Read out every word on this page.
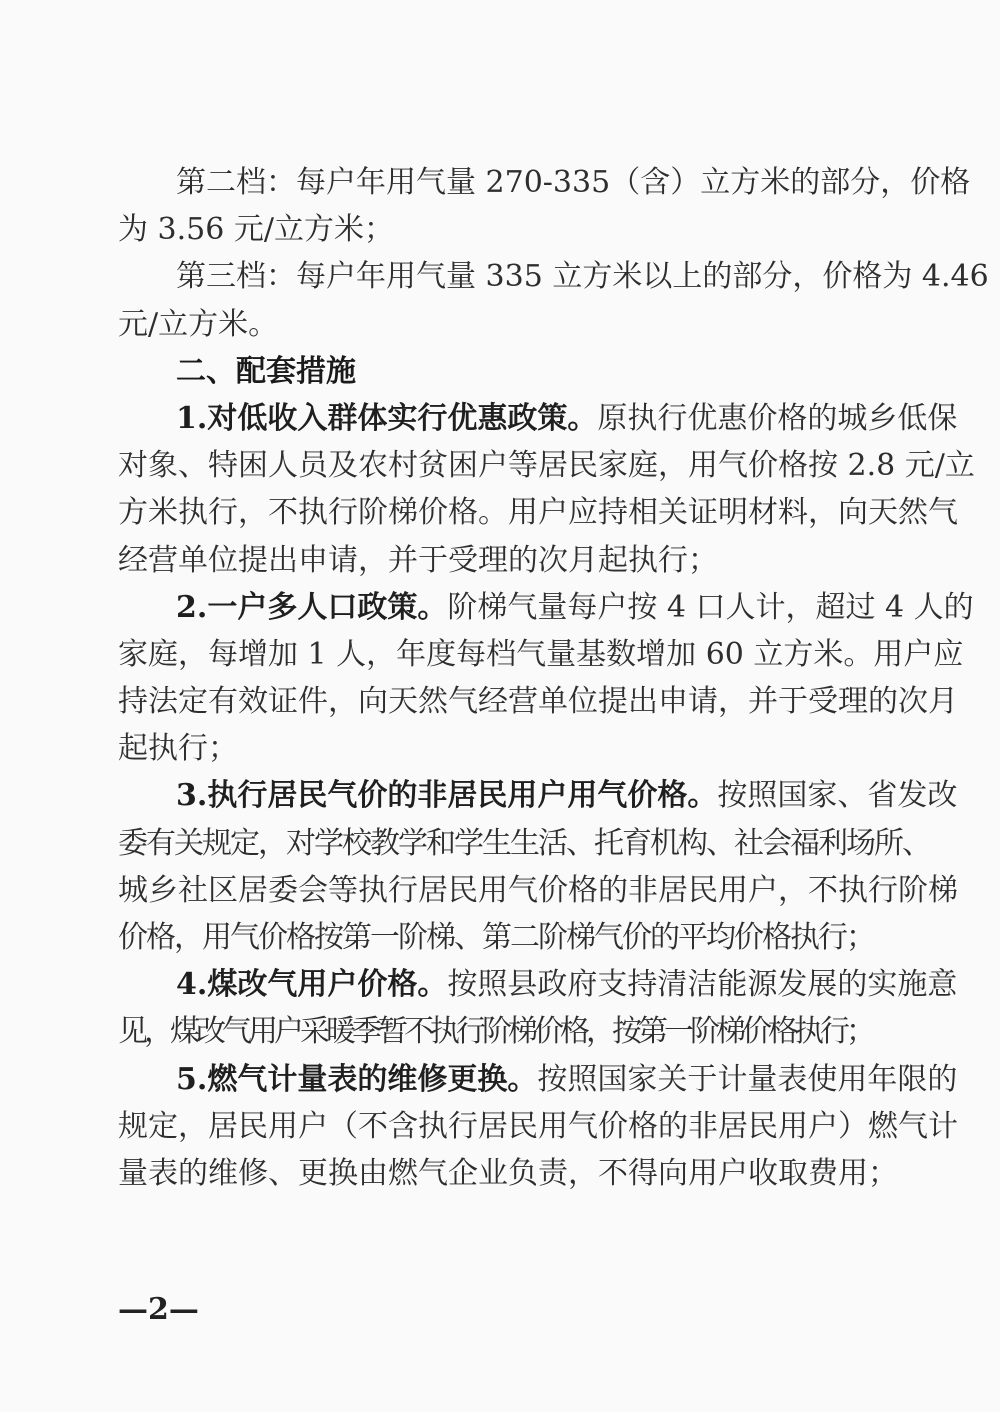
第二档：每户年用气量 270-335（含）立方米的部分，价格
为 3.56 元/立方米；
第三档：每户年用气量 335 立方米以上的部分，价格为 4.46
元/立方米。
二、配套措施
1.对低收入群体实行优惠政策。原执行优惠价格的城乡低保
对象、特困人员及农村贫困户等居民家庭，用气价格按 2.8 元/立
方米执行，不执行阶梯价格。用户应持相关证明材料，向天然气
经营单位提出申请，并于受理的次月起执行；
2.一户多人口政策。阶梯气量每户按 4 口人计，超过 4 人的
家庭，每增加 1 人，年度每档气量基数增加 60 立方米。用户应
持法定有效证件，向天然气经营单位提出申请，并于受理的次月
起执行；
3.执行居民气价的非居民用户用气价格。按照国家、省发改
委有关规定，对学校教学和学生生活、托育机构、社会福利场所、
城乡社区居委会等执行居民用气价格的非居民用户，不执行阶梯
价格，用气价格按第一阶梯、第二阶梯气价的平均价格执行；
4.煤改气用户价格。按照县政府支持清洁能源发展的实施意
见，煤改气用户采暖季暂不执行阶梯价格，按第一阶梯价格执行；
5.燃气计量表的维修更换。按照国家关于计量表使用年限的
规定，居民用户（不含执行居民用气价格的非居民用户）燃气计
量表的维修、更换由燃气企业负责，不得向用户收取费用；
—2—
